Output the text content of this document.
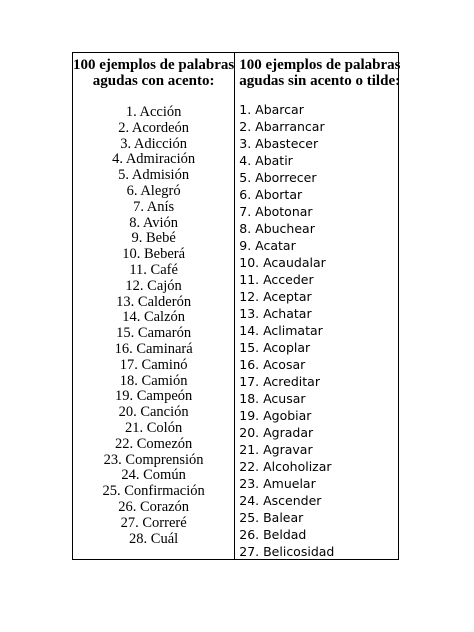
100 ejemplos de palabras
agudas con acento:
1. Acción
2. Acordeón
3. Adicción
4. Admiración
5. Admisión
6. Alegró
7. Anís
8. Avión
9. Bebé
10. Beberá
11. Café
12. Cajón
13. Calderón
14. Calzón
15. Camarón
16. Caminará
17. Caminó
18. Camión
19. Campeón
20. Canción
21. Colón
22. Comezón
23. Comprensión
24. Común
25. Confirmación
26. Corazón
27. Correré
28. Cuál
100 ejemplos de palabras
agudas sin acento o tilde:
1. Abarcar
2. Abarrancar
3. Abastecer
4. Abatir
5. Aborrecer
6. Abortar
7. Abotonar
8. Abuchear
9. Acatar
10. Acaudalar
11. Acceder
12. Aceptar
13. Achatar
14. Aclimatar
15. Acoplar
16. Acosar
17. Acreditar
18. Acusar
19. Agobiar
20. Agradar
21. Agravar
22. Alcoholizar
23. Amuelar
24. Ascender
25. Balear
26. Beldad
27. Belicosidad
